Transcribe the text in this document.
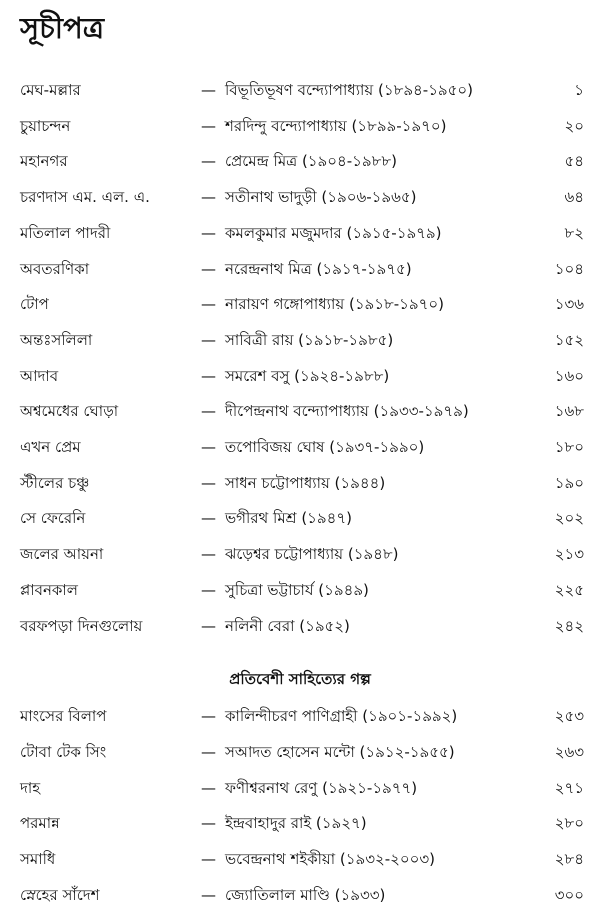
সূচীপত্র
মেঘ-মল্লার	— বিভূতিভূষণ বন্দ্যোপাধ্যায় (১৮৯৪-১৯৫০)	১
চুয়াচন্দন	— শরদিন্দু বন্দ্যোপাধ্যায় (১৮৯৯-১৯৭০)	২০
মহানগর	— প্রেমেন্দ্র মিত্র (১৯০৪-১৯৮৮)	৫৪
চরণদাস এম. এল. এ.	— সতীনাথ ভাদুড়ী (১৯০৬-১৯৬৫)	৬৪
মতিলাল পাদরী	— কমলকুমার মজুমদার (১৯১৫-১৯৭৯)	৮২
অবতরণিকা	— নরেন্দ্রনাথ মিত্র (১৯১৭-১৯৭৫)	১০৪
টোপ	— নারায়ণ গঙ্গোপাধ্যায় (১৯১৮-১৯৭০)	১৩৬
অন্তঃসলিলা	— সাবিত্রী রায় (১৯১৮-১৯৮৫)	১৫২
আদাব	— সমরেশ বসু (১৯২৪-১৯৮৮)	১৬০
অশ্বমেধের ঘোড়া	— দীপেন্দ্রনাথ বন্দ্যোপাধ্যায় (১৯৩৩-১৯৭৯)	১৬৮
এখন প্রেম	— তপোবিজয় ঘোষ (১৯৩৭-১৯৯০)	১৮০
স্টীলের চঞ্চু	— সাধন চট্টোপাধ্যায় (১৯৪৪)	১৯০
সে ফেরেনি	— ভগীরথ মিশ্র (১৯৪৭)	২০২
জলের আয়না	— ঝড়েশ্বর চট্টোপাধ্যায় (১৯৪৮)	২১৩
প্লাবনকাল	— সুচিত্রা ভট্টাচার্য (১৯৪৯)	২২৫
বরফপড়া দিনগুলোয়	— নলিনী বেরা (১৯৫২)	২৪২
মাংসের বিলাপ	— কালিন্দীচরণ পাণিগ্রাহী (১৯০১-১৯৯২)	২৫৩
টোবা টেক সিং	— সআদত হোসেন মন্টো (১৯১২-১৯৫৫)	২৬৩
দাহ	— ফণীশ্বরনাথ রেণু (১৯২১-১৯৭৭)	২৭১
পরমান্ন	— ইন্দ্রবাহাদুর রাই (১৯২৭)	২৮০
সমাধি	— ভবেন্দ্রনাথ শইকীয়া (১৯৩২-২০০৩)	২৮৪
স্নেহের সাঁদেশ	— জ্যোতিলাল মাণ্ডি (১৯৩৩)	৩০০
প্রতিবেশী সাহিত্যের গল্প
